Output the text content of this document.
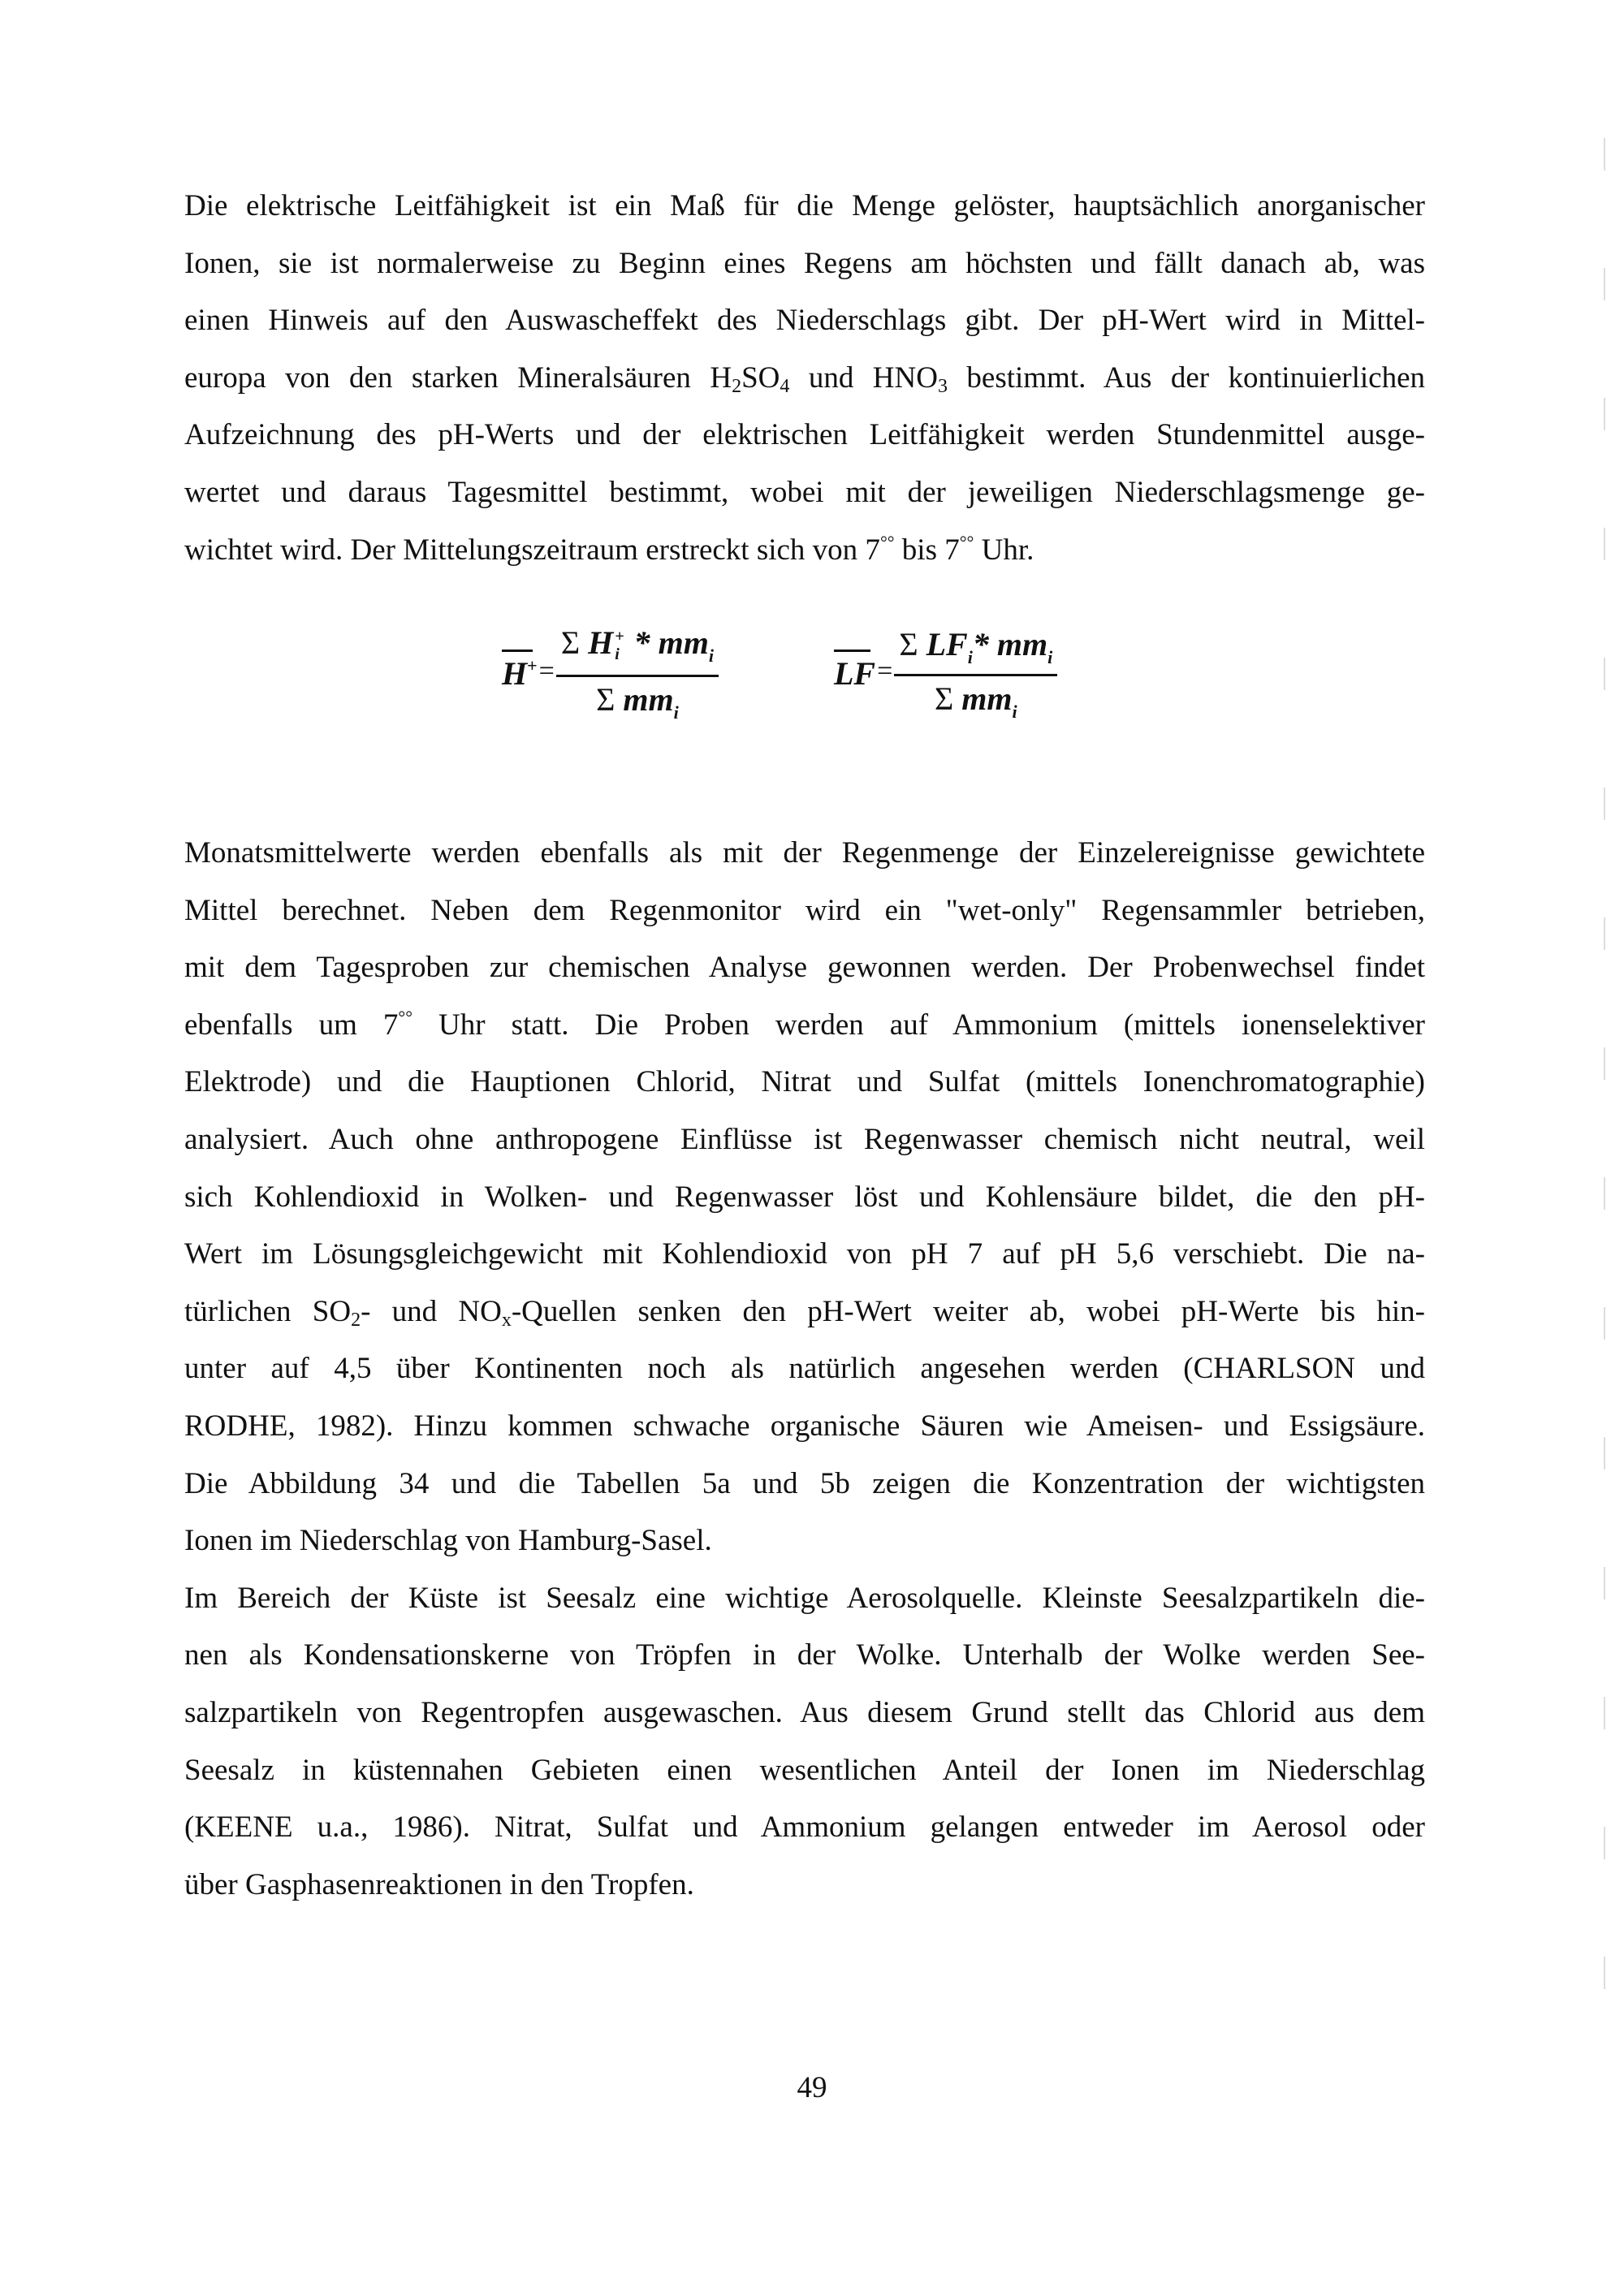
Die elektrische Leitfähigkeit ist ein Maß für die Menge gelöster, hauptsächlich anorganischer
Ionen, sie ist normalerweise zu Beginn eines Regens am höchsten und fällt danach ab, was
einen Hinweis auf den Auswascheffekt des Niederschlags gibt. Der pH-Wert wird in Mittel-
europa von den starken Mineralsäuren $H_2SO_4$ und $HNO_3$ bestimmt. Aus der kontinuierlichen
Aufzeichnung des pH-Werts und der elektrischen Leitfähigkeit werden Stundenmittel ausge-
wertet und daraus Tagesmittel bestimmt, wobei mit der jeweiligen Niederschlagsmenge ge-
wichtet wird. Der Mittelungszeitraum erstreckt sich von 7°° bis 7°° Uhr.
Monatsmittelwerte werden ebenfalls als mit der Regenmenge der Einzelereignisse gewichtete
Mittel berechnet. Neben dem Regenmonitor wird ein "wet-only" Regensammler betrieben,
mit dem Tagesproben zur chemischen Analyse gewonnen werden. Der Probenwechsel findet
ebenfalls um 7°° Uhr statt. Die Proben werden auf Ammonium (mittels ionenselektiver
Elektrode) und die Hauptionen Chlorid, Nitrat und Sulfat (mittels Ionenchromatographie)
analysiert. Auch ohne anthropogene Einflüsse ist Regenwasser chemisch nicht neutral, weil
sich Kohlendioxid in Wolken- und Regenwasser löst und Kohlensäure bildet, die den pH-
Wert im Lösungsgleichgewicht mit Kohlendioxid von pH 7 auf pH 5,6 verschiebt. Die na-
türlichen $SO_2-$ und $NO_x$-Quellen senken den pH-Wert weiter ab, wobei pH-Werte bis hin-
unter auf 4,5 über Kontinenten noch als natürlich angesehen werden (CHARLSON und
RODHE, 1982). Hinzu kommen schwache organische Säuren wie Ameisen- und Essigsäure.
Die Abbildung 34 und die Tabellen 5a und 5b zeigen die Konzentration der wichtigsten
Ionen im Niederschlag von Hamburg-Sasel.
Im Bereich der Küste ist Seesalz eine wichtige Aerosolquelle. Kleinste Seesalzpartikeln die-
nen als Kondensationskerne von Tröpfen in der Wolke. Unterhalb der Wolke werden See-
salzpartikeln von Regentropfen ausgewaschen. Aus diesem Grund stellt das Chlorid aus dem
Seesalz in küstennahen Gebieten einen wesentlichen Anteil der Ionen im Niederschlag
(KEENE u.a., 1986). Nitrat, Sulfat und Ammonium gelangen entweder im Aerosol oder
über Gasphasenreaktionen in den Tropfen.
H+ = Σ H +
i * $mm_i$
Σ $mm_i$	LF = $\frac{\Sigma LF_i* mm_i}{\Sigma mm_i}$
49
